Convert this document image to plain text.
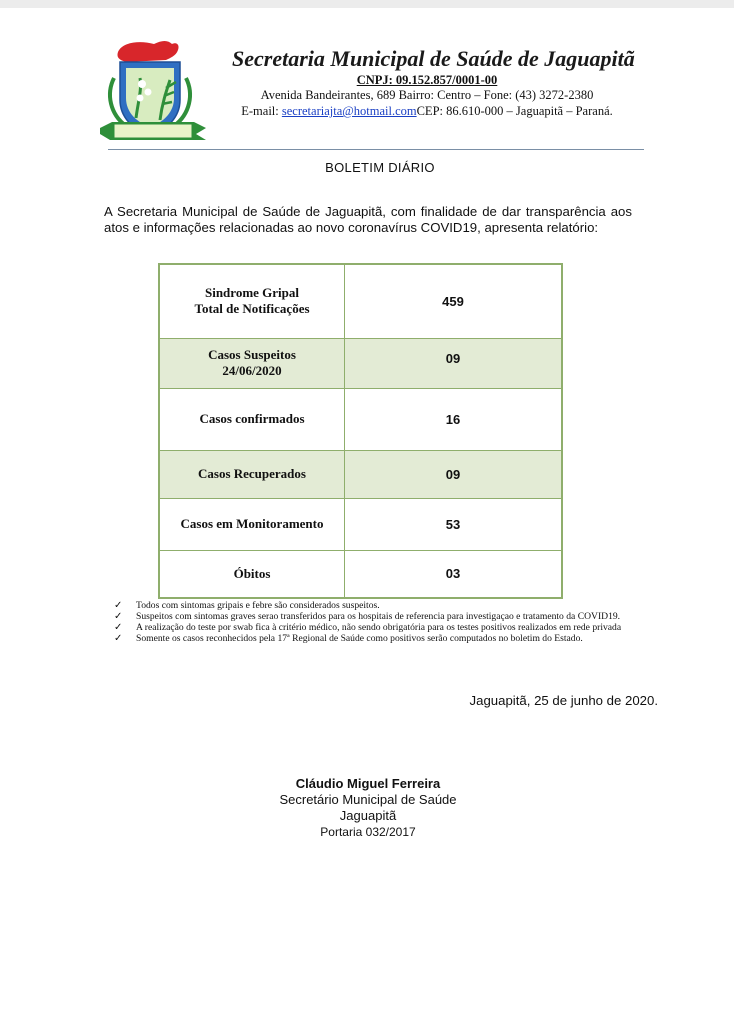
Secretaria Municipal de Saúde de Jaguapitã
CNPJ: 09.152.857/0001-00
Avenida Bandeirantes, 689 Bairro: Centro – Fone: (43) 3272-2380
E-mail: secretariajta@hotmail.comCEP: 86.610-000 – Jaguapitã – Paraná.
BOLETIM DIÁRIO
A Secretaria Municipal de Saúde de Jaguapitã, com finalidade de dar transparência aos atos e informações relacionadas ao novo coronavírus COVID19, apresenta relatório:
Sindrome Gripal
Total de Notificações	459

Casos Suspeitos
24/06/2020	09
Casos confirmados	16
Casos Recuperados	09
Casos em Monitoramento	53
Óbitos	03
✓ Todos com sintomas gripais e febre são considerados suspeitos.
✓ Suspeitos com sintomas graves serao transferidos para os hospitais de referencia para investigaçao e tratamento da COVID19.
✓ A realização do teste por swab fica à critério médico, não sendo obrigatória para os testes positivos realizados em rede privada
✓ Somente os casos reconhecidos pela 17ª Regional de Saúde como positivos serão computados no boletim do Estado.
Jaguapitã, 25 de junho de 2020.
Cláudio Miguel Ferreira
Secretário Municipal de Saúde
Jaguapitã
Portaria 032/2017
